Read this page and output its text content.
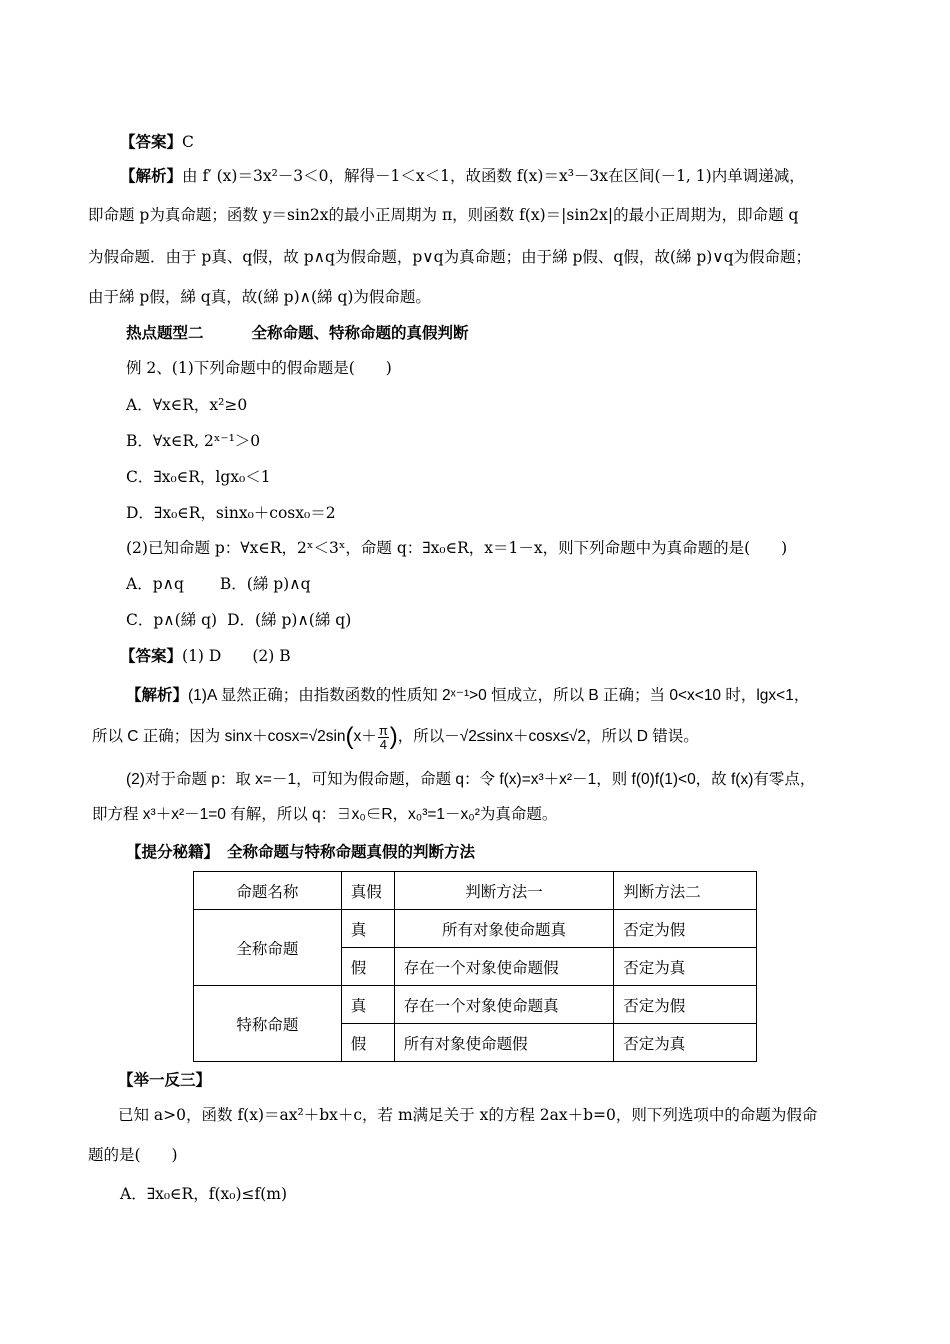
【答案】C
【解析】由 f′ (x)＝3x²－3＜0，解得－1＜x＜1，故函数 f(x)＝x³－3x在区间(－1, 1)内单调递减，
即命题 p为真命题；函数 y＝sin2x的最小正周期为 π，则函数 f(x)＝|sin2x|的最小正周期为，即命题 q
为假命题．由于 p真、q假，故 p∧q为假命题，p∨q为真命题；由于綈 p假、q假，故(綈 p)∨q为假命题；
由于綈 p假，綈 q真，故(綈 p)∧(綈 q)为假命题。
热点题型二	全称命题、特称命题的真假判断
例 2、(1)下列命题中的假命题是(　　)
A．∀x∈R，x²≥0
B．∀x∈R, 2ˣ⁻¹＞0
C．∃x₀∈R，lgx₀＜1
D．∃x₀∈R，sinx₀＋cosx₀＝2
(2)已知命题 p：∀x∈R，2ˣ＜3ˣ，命题 q：∃x₀∈R，x＝1－x，则下列命题中为真命题的是(　　)
A．p∧q B．(綈 p)∧q
C．p∧(綈 q) D．(綈 p)∧(綈 q)
【答案】(1) D　　(2) B
【解析】(1)A 显然正确；由指数函数的性质知 2ˣ⁻¹>0 恒成立，所以 B 正确；当 0<x<10 时，lgx<1，
所以 C 正确；因为 $\sin x+\cos x=√2\sin(x+ \frac{\pi}{4}$ )，所以－√2≤sinx＋cosx≤√2，所以 D 错误。
(2)对于命题 p：取 x=－1，可知为假命题，命题 q：令 f(x)=x³＋x²－1，则 f(0)f(1)<0，故 f(x)有零点，
即方程 x³＋x²－1=0 有解，所以 q：∃x₀∈R，x₀³=1－x₀²为真命题。
【提分秘籍】 全称命题与特称命题真假的判断方法
命题名称	真假	判断方法一	判断方法二
全称命题	真	所有对象使命题真	否定为假
	假	存在一个对象使命题假	否定为真
特称命题	真	存在一个对象使命题真	否定为假
	假	所有对象使命题假	否定为真
【举一反三】
已知 a>0，函数 f(x)＝ax²＋bx＋c，若 m满足关于 x的方程 2ax＋b=0，则下列选项中的命题为假命
题的是(　　)
A．∃x₀∈R，f(x₀)≤f(m)
